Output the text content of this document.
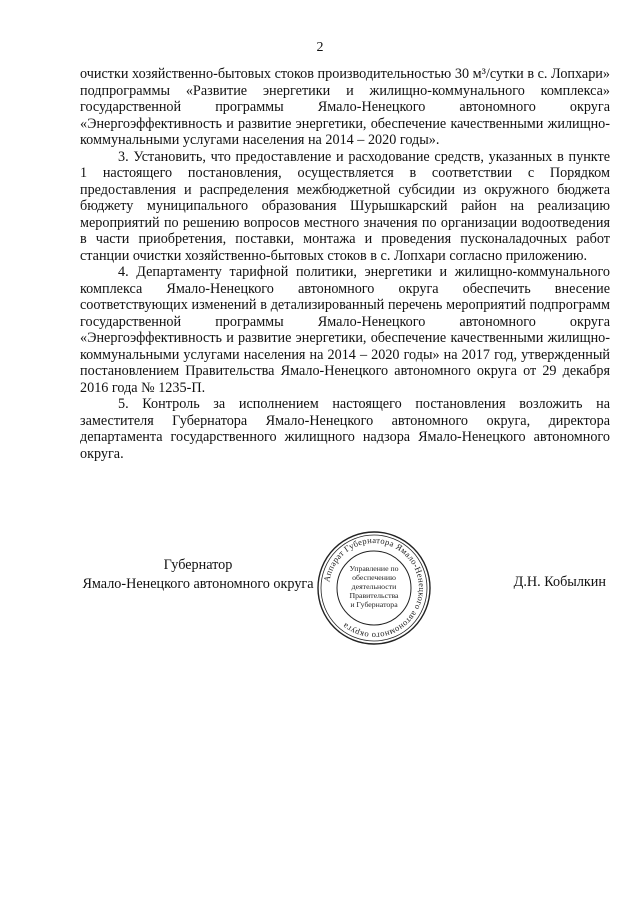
2

очистки хозяйственно-бытовых стоков производительностью 30 м³/сутки в с. Лопхари» подпрограммы «Развитие энергетики и жилищно-коммунального комплекса» государственной программы Ямало-Ненецкого автономного округа «Энергоэффективность и развитие энергетики, обеспечение качественными жилищно-коммунальными услугами населения на 2014 – 2020 годы».

3. Установить, что предоставление и расходование средств, указанных в пункте 1 настоящего постановления, осуществляется в соответствии с Порядком предоставления и распределения межбюджетной субсидии из окружного бюджета бюджету муниципального образования Шурышкарский район на реализацию мероприятий по решению вопросов местного значения по организации водоотведения в части приобретения, поставки, монтажа и проведения пусконаладочных работ станции очистки хозяйственно-бытовых стоков в с. Лопхари согласно приложению.

4. Департаменту тарифной политики, энергетики и жилищно-коммунального комплекса Ямало-Ненецкого автономного округа обеспечить внесение соответствующих изменений в детализированный перечень мероприятий подпрограмм государственной программы Ямало-Ненецкого автономного округа «Энергоэффективность и развитие энергетики, обеспечение качественными жилищно-коммунальными услугами населения на 2014 – 2020 годы» на 2017 год, утвержденный постановлением Правительства Ямало-Ненецкого автономного округа от 29 декабря 2016 года № 1235-П.

5. Контроль за исполнением настоящего постановления возложить на заместителя Губернатора Ямало-Ненецкого автономного округа, директора департамента государственного жилищного надзора Ямало-Ненецкого автономного округа.

Губернатор
Ямало-Ненецкого автономного округа	Д.Н. Кобылкин
Аппарат Губернатора Ямало-Ненецкого автономного округа
Управление по
обеспечению
деятельности
Правительства
и Губернатора
